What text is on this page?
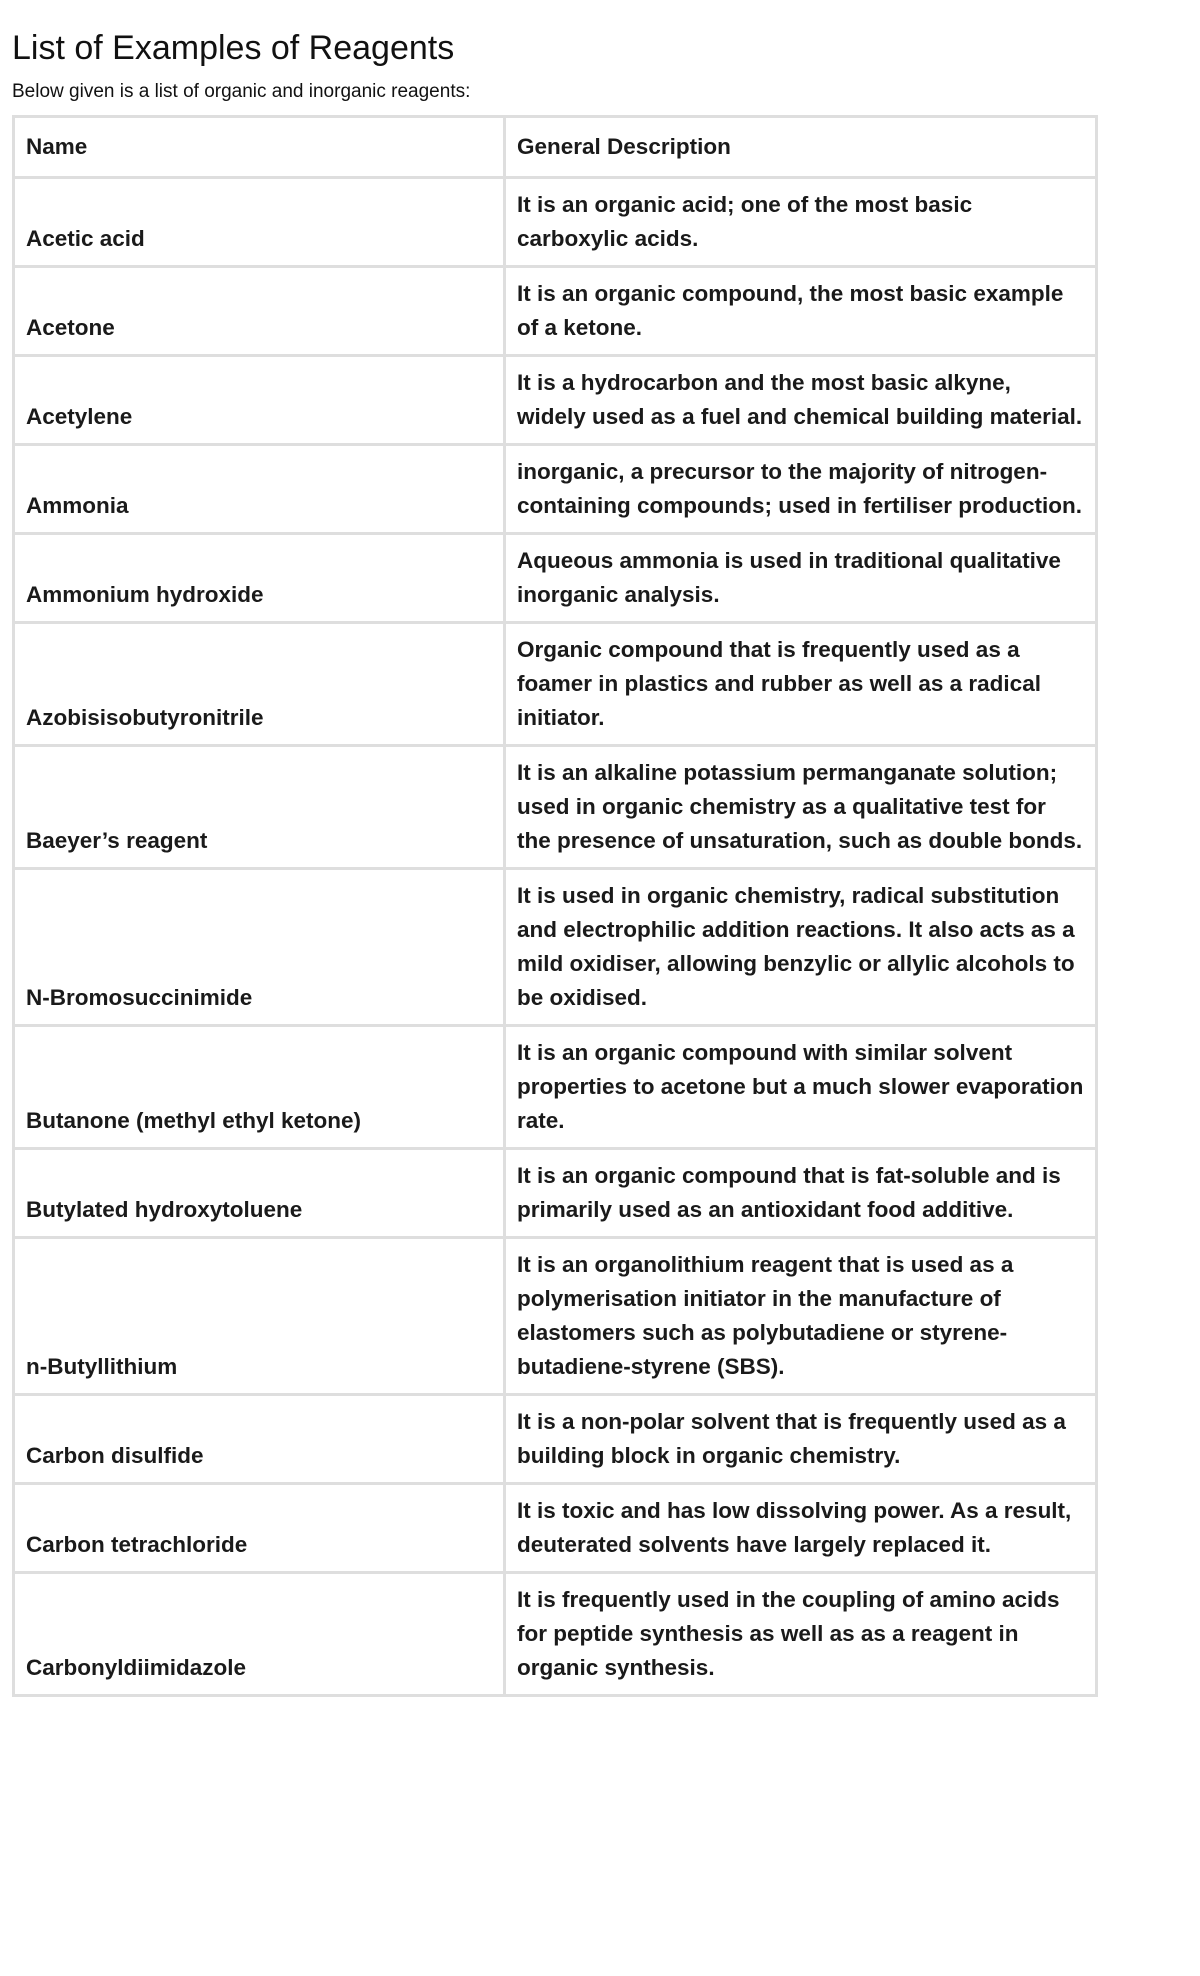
List of Examples of Reagents

Below given is a list of organic and inorganic reagents:

Name	General Description
Acetic acid	It is an organic acid; one of the most basic carboxylic acids.
Acetone	It is an organic compound, the most basic example of a ketone.
Acetylene	It is a hydrocarbon and the most basic alkyne, widely used as a fuel and chemical building material.
Ammonia	inorganic, a precursor to the majority of nitrogen-containing compounds; used in fertiliser production.
Ammonium hydroxide	Aqueous ammonia is used in traditional qualitative inorganic analysis.
Azobisisobutyronitrile	Organic compound that is frequently used as a foamer in plastics and rubber as well as a radical initiator.
Baeyer’s reagent	It is an alkaline potassium permanganate solution; used in organic chemistry as a qualitative test for the presence of unsaturation, such as double bonds.
N-Bromosuccinimide	It is used in organic chemistry, radical substitution and electrophilic addition reactions. It also acts as a mild oxidiser, allowing benzylic or allylic alcohols to be oxidised.
Butanone (methyl ethyl ketone)	It is an organic compound with similar solvent properties to acetone but a much slower evaporation rate.
Butylated hydroxytoluene	It is an organic compound that is fat-soluble and is primarily used as an antioxidant food additive.
n-Butyllithium	It is an organolithium reagent that is used as a polymerisation initiator in the manufacture of elastomers such as polybutadiene or styrene-butadiene-styrene (SBS).
Carbon disulfide	It is a non-polar solvent that is frequently used as a building block in organic chemistry.
Carbon tetrachloride	It is toxic and has low dissolving power. As a result, deuterated solvents have largely replaced it.
Carbonyldiimidazole	It is frequently used in the coupling of amino acids for peptide synthesis as well as as a reagent in organic synthesis.
